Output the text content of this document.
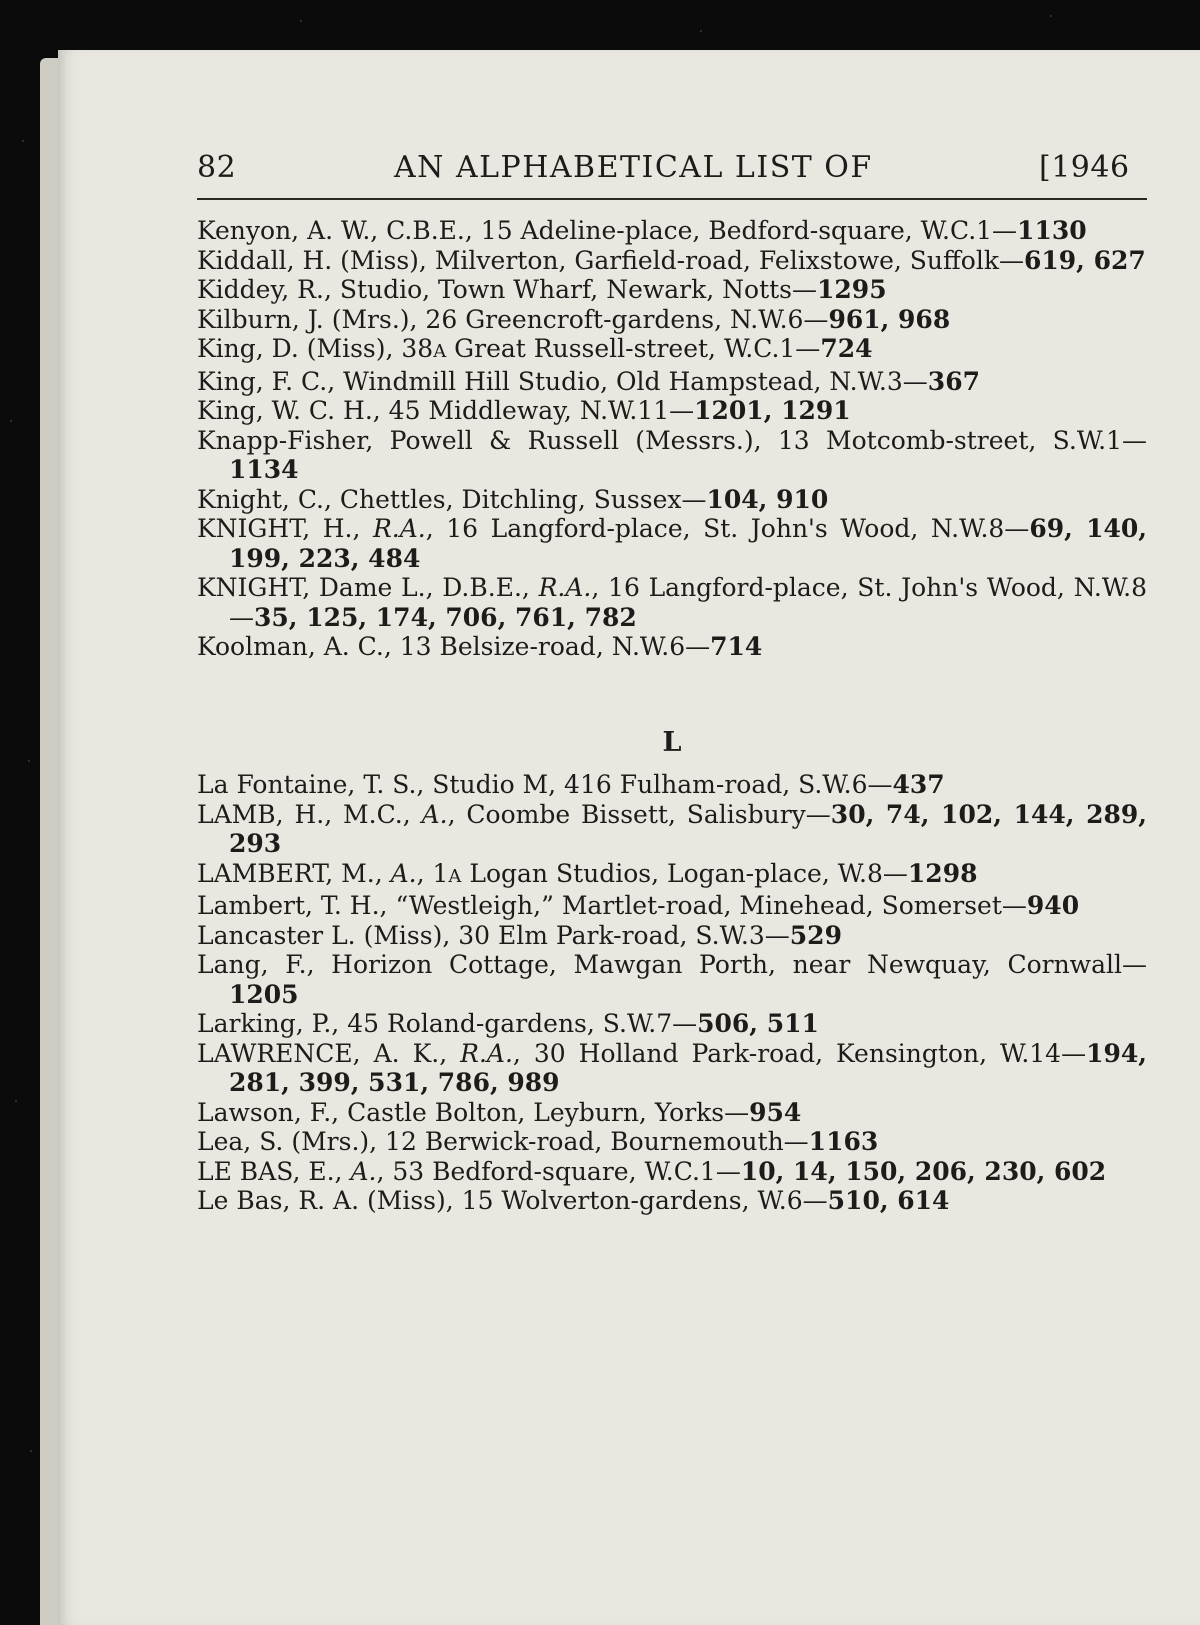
82	AN ALPHABETICAL LIST OF	[1946
Kenyon, A. W., C.B.E., 15 Adeline-place, Bedford-square, W.C.1—1130
Kiddall, H. (Miss), Milverton, Garfield-road, Felixstowe, Suffolk—619, 627
Kiddey, R., Studio, Town Wharf, Newark, Notts—1295
Kilburn, J. (Mrs.), 26 Greencroft-gardens, N.W.6—961, 968
King, D. (Miss), 38A Great Russell-street, W.C.1—724
King, F. C., Windmill Hill Studio, Old Hampstead, N.W.3—367
King, W. C. H., 45 Middleway, N.W.11—1201, 1291
Knapp-Fisher, Powell & Russell (Messrs.), 13 Motcomb-street, S.W.1—1134
Knight, C., Chettles, Ditchling, Sussex—104, 910
KNIGHT, H., R.A., 16 Langford-place, St. John's Wood, N.W.8—69, 140, 199, 223, 484
KNIGHT, Dame L., D.B.E., R.A., 16 Langford-place, St. John's Wood, N.W.8—35, 125, 174, 706, 761, 782
Koolman, A. C., 13 Belsize-road, N.W.6—714
L
La Fontaine, T. S., Studio M, 416 Fulham-road, S.W.6—437
LAMB, H., M.C., A., Coombe Bissett, Salisbury—30, 74, 102, 144, 289, 293
LAMBERT, M., A., 1A Logan Studios, Logan-place, W.8—1298
Lambert, T. H., “Westleigh,” Martlet-road, Minehead, Somerset—940
Lancaster L. (Miss), 30 Elm Park-road, S.W.3—529
Lang, F., Horizon Cottage, Mawgan Porth, near Newquay, Cornwall—1205
Larking, P., 45 Roland-gardens, S.W.7—506, 511
LAWRENCE, A. K., R.A., 30 Holland Park-road, Kensington, W.14—194, 281, 399, 531, 786, 989
Lawson, F., Castle Bolton, Leyburn, Yorks—954
Lea, S. (Mrs.), 12 Berwick-road, Bournemouth—1163
LE BAS, E., A., 53 Bedford-square, W.C.1—10, 14, 150, 206, 230, 602
Le Bas, R. A. (Miss), 15 Wolverton-gardens, W.6—510, 614
